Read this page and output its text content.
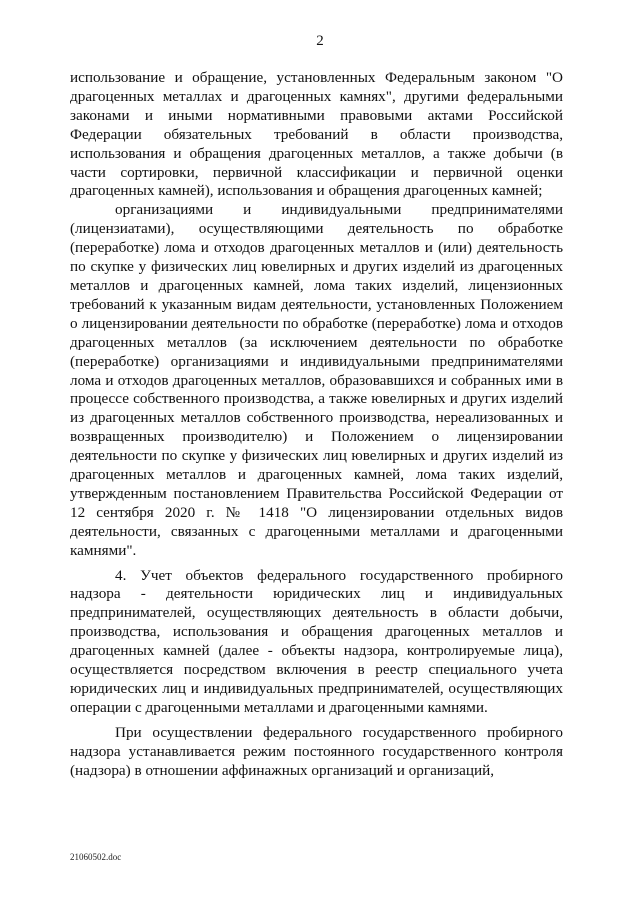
2

использование и обращение, установленных Федеральным законом "О драгоценных металлах и драгоценных камнях", другими федеральными законами и иными нормативными правовыми актами Российской Федерации обязательных требований в области производства, использования и обращения драгоценных металлов, а также добычи (в части сортировки, первичной классификации и первичной оценки драгоценных камней), использования и обращения драгоценных камней;

организациями и индивидуальными предпринимателями (лицензиатами), осуществляющими деятельность по обработке (переработке) лома и отходов драгоценных металлов и (или) деятельность по скупке у физических лиц ювелирных и других изделий из драгоценных металлов и драгоценных камней, лома таких изделий, лицензионных требований к указанным видам деятельности, установленных Положением о лицензировании деятельности по обработке (переработке) лома и отходов драгоценных металлов (за исключением деятельности по обработке (переработке) организациями и индивидуальными предпринимателями лома и отходов драгоценных металлов, образовавшихся и собранных ими в процессе собственного производства, а также ювелирных и других изделий из драгоценных металлов собственного производства, нереализованных и возвращенных производителю) и Положением о лицензировании деятельности по скупке у физических лиц ювелирных и других изделий из драгоценных металлов и драгоценных камней, лома таких изделий, утвержденным постановлением Правительства Российской Федерации от 12 сентября 2020 г. № 1418 "О лицензировании отдельных видов деятельности, связанных с драгоценными металлами и драгоценными камнями".

4. Учет объектов федерального государственного пробирного надзора - деятельности юридических лиц и индивидуальных предпринимателей, осуществляющих деятельность в области добычи, производства, использования и обращения драгоценных металлов и драгоценных камней (далее - объекты надзора, контролируемые лица), осуществляется посредством включения в реестр специального учета юридических лиц и индивидуальных предпринимателей, осуществляющих операции с драгоценными металлами и драгоценными камнями.

При осуществлении федерального государственного пробирного надзора устанавливается режим постоянного государственного контроля (надзора) в отношении аффинажных организаций и организаций,

21060502.doc
